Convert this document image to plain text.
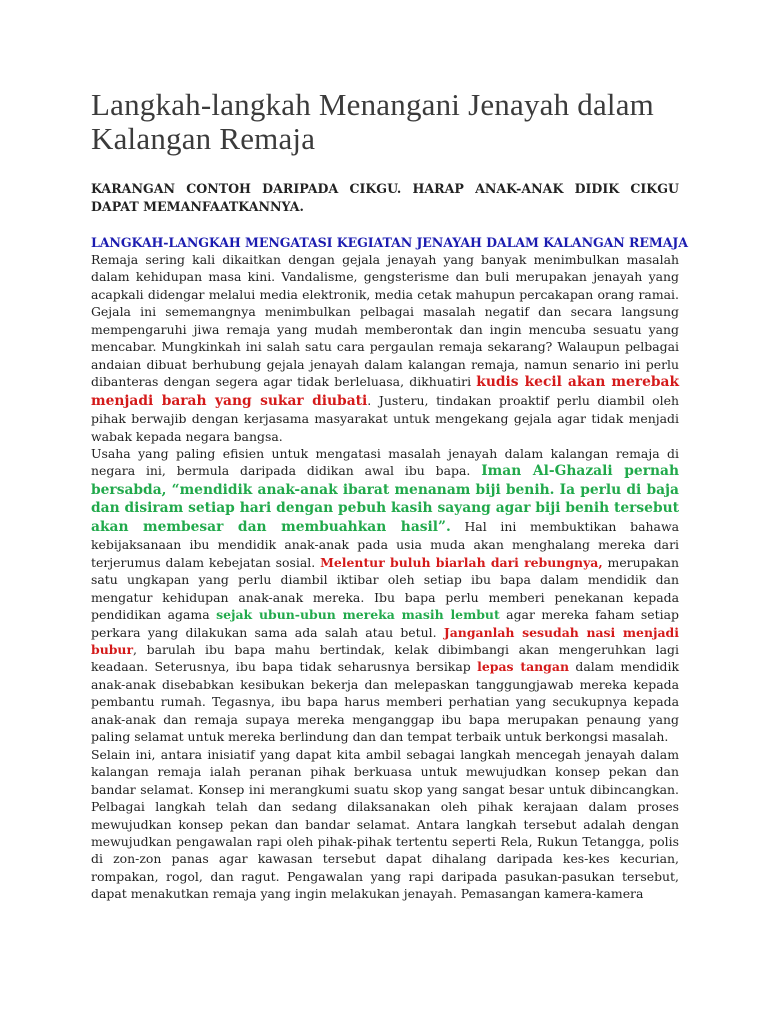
Langkah-langkah Menangani Jenayah dalam Kalangan Remaja

KARANGAN CONTOH DARIPADA CIKGU. HARAP ANAK-ANAK DIDIK CIKGU DAPAT MEMANFAATKANNYA.

LANGKAH-LANGKAH MENGATASI KEGIATAN JENAYAH DALAM KALANGAN REMAJA

Remaja sering kali dikaitkan dengan gejala jenayah yang banyak menimbulkan masalah dalam kehidupan masa kini. Vandalisme, gengsterisme dan buli merupakan jenayah yang acapkali didengar melalui media elektronik, media cetak mahupun percakapan orang ramai. Gejala ini sememangnya menimbulkan pelbagai masalah negatif dan secara langsung mempengaruhi jiwa remaja yang mudah memberontak dan ingin mencuba sesuatu yang mencabar. Mungkinkah ini salah satu cara pergaulan remaja sekarang? Walaupun pelbagai andaian dibuat berhubung gejala jenayah dalam kalangan remaja, namun senario ini perlu dibanteras dengan segera agar tidak berleluasa, dikhuatiri kudis kecil akan merebak menjadi barah yang sukar diubati. Justeru, tindakan proaktif perlu diambil oleh pihak berwajib dengan kerjasama masyarakat untuk mengekang gejala agar tidak menjadi wabak kepada negara bangsa.

Usaha yang paling efisien untuk mengatasi masalah jenayah dalam kalangan remaja di negara ini, bermula daripada didikan awal ibu bapa. Iman Al-Ghazali pernah bersabda, “mendidik anak-anak ibarat menanam biji benih. Ia perlu di baja dan disiram setiap hari dengan pebuh kasih sayang agar biji benih tersebut akan membesar dan membuahkan hasil”. Hal ini membuktikan bahawa kebijaksanaan ibu mendidik anak-anak pada usia muda akan menghalang mereka dari terjerumus dalam kebejatan sosial. Melentur buluh biarlah dari rebungnya, merupakan satu ungkapan yang perlu diambil iktibar oleh setiap ibu bapa dalam mendidik dan mengatur kehidupan anak-anak mereka. Ibu bapa perlu memberi penekanan kepada pendidikan agama sejak ubun-ubun mereka masih lembut agar mereka faham setiap perkara yang dilakukan sama ada salah atau betul. Janganlah sesudah nasi menjadi bubur, barulah ibu bapa mahu bertindak, kelak dibimbangi akan mengeruhkan lagi keadaan. Seterusnya, ibu bapa tidak seharusnya bersikap lepas tangan dalam mendidik anak-anak disebabkan kesibukan bekerja dan melepaskan tanggungjawab mereka kepada pembantu rumah. Tegasnya, ibu bapa harus memberi perhatian yang secukupnya kepada anak-anak dan remaja supaya mereka menganggap ibu bapa merupakan penaung yang paling selamat untuk mereka berlindung dan dan tempat terbaik untuk berkongsi masalah.

Selain ini, antara inisiatif yang dapat kita ambil sebagai langkah mencegah jenayah dalam kalangan remaja ialah peranan pihak berkuasa untuk mewujudkan konsep pekan dan bandar selamat. Konsep ini merangkumi suatu skop yang sangat besar untuk dibincangkan. Pelbagai langkah telah dan sedang dilaksanakan oleh pihak kerajaan dalam proses mewujudkan konsep pekan dan bandar selamat. Antara langkah tersebut adalah dengan mewujudkan pengawalan rapi oleh pihak-pihak tertentu seperti Rela, Rukun Tetangga, polis di zon-zon panas agar kawasan tersebut dapat dihalang daripada kes-kes kecurian, rompakan, rogol, dan ragut. Pengawalan yang rapi daripada pasukan-pasukan tersebut, dapat menakutkan remaja yang ingin melakukan jenayah. Pemasangan kamera-kamera
